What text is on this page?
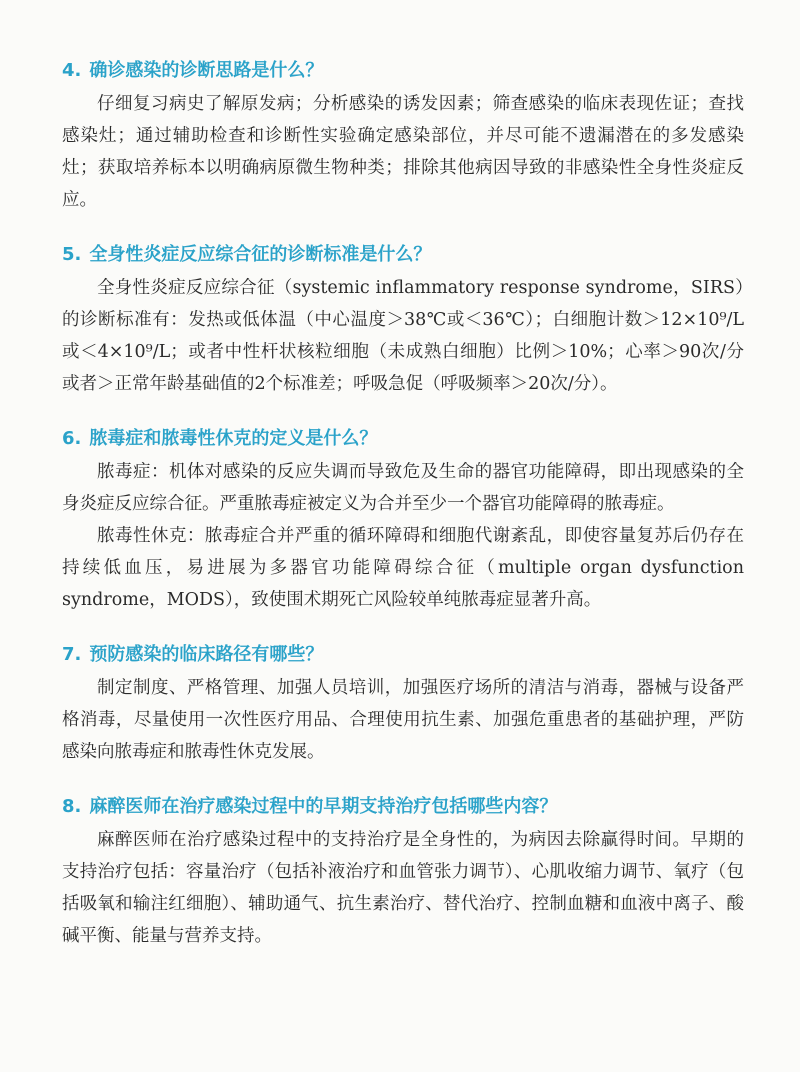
4. 确诊感染的诊断思路是什么？

仔细复习病史了解原发病；分析感染的诱发因素；筛查感染的临床表现佐证；查找感染灶；通过辅助检查和诊断性实验确定感染部位，并尽可能不遗漏潜在的多发感染灶；获取培养标本以明确病原微生物种类；排除其他病因导致的非感染性全身性炎症反应。

5. 全身性炎症反应综合征的诊断标准是什么？

全身性炎症反应综合征（systemic inflammatory response syndrome，SIRS）的诊断标准有：发热或低体温（中心温度＞38℃或＜36℃）；白细胞计数＞12×10⁹/L或＜4×10⁹/L；或者中性杆状核粒细胞（未成熟白细胞）比例＞10%；心率＞90次/分或者＞正常年龄基础值的2个标准差；呼吸急促（呼吸频率＞20次/分）。

6. 脓毒症和脓毒性休克的定义是什么？

脓毒症：机体对感染的反应失调而导致危及生命的器官功能障碍，即出现感染的全身炎症反应综合征。严重脓毒症被定义为合并至少一个器官功能障碍的脓毒症。

脓毒性休克：脓毒症合并严重的循环障碍和细胞代谢紊乱，即使容量复苏后仍存在持续低血压，易进展为多器官功能障碍综合征（multiple organ dysfunction syndrome，MODS），致使围术期死亡风险较单纯脓毒症显著升高。

7. 预防感染的临床路径有哪些？

制定制度、严格管理、加强人员培训，加强医疗场所的清洁与消毒，器械与设备严格消毒，尽量使用一次性医疗用品、合理使用抗生素、加强危重患者的基础护理，严防感染向脓毒症和脓毒性休克发展。

8. 麻醉医师在治疗感染过程中的早期支持治疗包括哪些内容？

麻醉医师在治疗感染过程中的支持治疗是全身性的，为病因去除赢得时间。早期的支持治疗包括：容量治疗（包括补液治疗和血管张力调节）、心肌收缩力调节、氧疗（包括吸氧和输注红细胞）、辅助通气、抗生素治疗、替代治疗、控制血糖和血液中离子、酸碱平衡、能量与营养支持。
